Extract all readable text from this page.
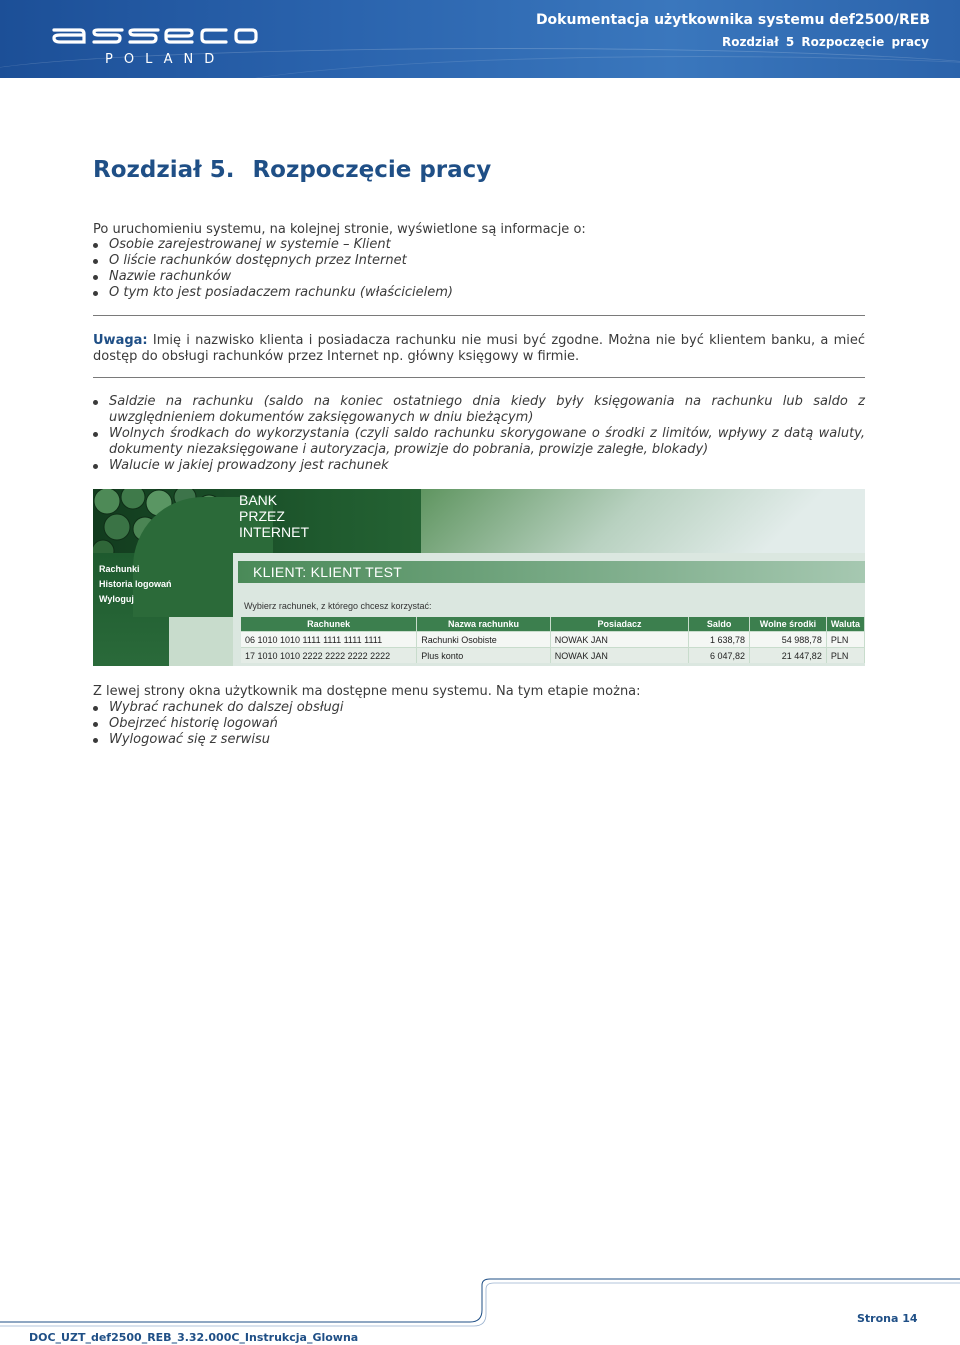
POLAND
Dokumentacja użytkownika systemu def2500/REB
Rozdział 5 Rozpoczęcie pracy
Rozdział 5. Rozpoczęcie pracy
Po uruchomieniu systemu, na kolejnej stronie, wyświetlone są informacje o:
Osobie zarejestrowanej w systemie – Klient
O liście rachunków dostępnych przez Internet
Nazwie rachunków
O tym kto jest posiadaczem rachunku (właścicielem)
Uwaga: Imię i nazwisko klienta i posiadacza rachunku nie musi być zgodne. Można nie być klientem banku, a mieć dostęp do obsługi rachunków przez Internet np. główny księgowy w firmie.
Saldzie na rachunku (saldo na koniec ostatniego dnia kiedy były księgowania na rachunku lub saldo z uwzględnieniem dokumentów zaksięgowanych w dniu bieżącym)
Wolnych środkach do wykorzystania (czyli saldo rachunku skorygowane o środki z limitów, wpływy z datą waluty, dokumenty niezaksięgowane i autoryzacja, prowizje do pobrania, prowizje zaległe, blokady)
Walucie w jakiej prowadzony jest rachunek
BANK
PRZEZ
INTERNET
Rachunki
Historia logowań
Wyloguj
KLIENT: KLIENT TEST
Wybierz rachunek, z którego chcesz korzystać:
Rachunek	Nazwa rachunku	Posiadacz	Saldo	Wolne środki	Waluta
06 1010 1010 1111 1111 1111 1111	Rachunki Osobiste	NOWAK JAN	1 638,78	54 988,78	PLN
17 1010 1010 2222 2222 2222 2222	Plus konto	NOWAK JAN	6 047,82	21 447,82	PLN
Z lewej strony okna użytkownik ma dostępne menu systemu. Na tym etapie można:
Wybrać rachunek do dalszej obsługi
Obejrzeć historię logowań
Wylogować się z serwisu
DOC_UZT_def2500_REB_3.32.000C_Instrukcja_Glowna
Strona 14
